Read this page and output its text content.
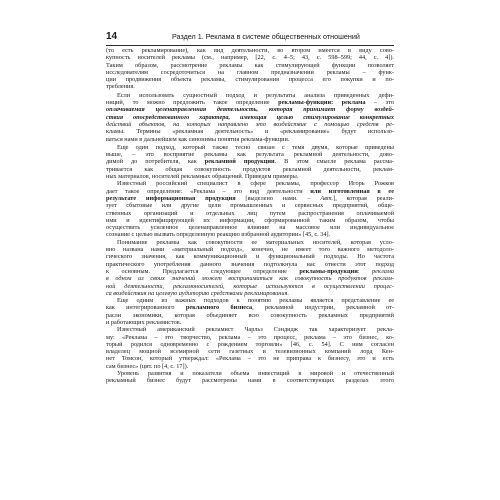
14	Раздел 1. Реклама в системе общественных отношений
(то есть рекламирование), как вид деятельности, во втором имеется в виду сово-
купность носителей рекламы (см., например, [22, с. 4–5; 43, с. 598–599; 44, с. 4]).
Таким образом, рассмотрение рекламы как стимулирующей функции позволяет
исследователям сосредоточиться на главном предназначении рекламы – функ-
ции продвижения объекта рекламы, стимулирования процесса его покупки и по-
требления.
Если использовать сущностный подход и результаты анализа приведенных дефи-
ниций, то можно предложить такое определение рекламы-функции: реклама – это
оплачиваемая целенаправленная деятельность, которая принимает форму воздей-
ствия опосредствованного характера, имеющая целью стимулирование конкретных
действий объектов, на которых направлено это воздействие с помощью средств ре-
кламы. Термины «рекламная деятельность» и «рекламирование» будут использо-
ваться нами в дальнейшем как синонимы понятия реклама-функции.
Еще один подход, который также тесно связан с темя двумя, которые приведены
выше, – это восприятие рекламы как результата рекламной деятельности, дово-
димой до потребителя, как рекламной продукции. В этом смысле реклама рассма-
тривается как общая совокупность продуктов рекламной деятельности, реклам-
ных материалов, носителей рекламных обращений. Приведем примеры.
Известный российский специалист в сфере рекламы, профессор Игорь Рожков
дает такое определение: «Реклама – это вид деятельности или изготовленная в ее
результате информационная продукция [выделено нами. – Авт.], которая реали-
зует сбытовые или другие цели промышленных и сервисных предприятий, обще-
ственных организаций и отдельных лиц путем распространения оплачиваемой
ими и идентифицирующей их информации, сформированной таким образом, чтобы
осуществить усиленное целенаправленное влияние на массовое или индивидуальное
сознание с целью вызвать определенную реакцию избранной аудитории» [45, с. 34].
Понимание рекламы как совокупности ее материальных носителей, которая усло-
вно названа нами «материальный подход», конечно, не имеет того важного методоло-
гического значения, как коммуникационный и функциональный подходы. Но частота
практического употребления данного значения подтолкнула нас отнести этот подход
к основным. Предлагается следующее определение рекламы-продукции: реклама
в одном из своих значений может восприниматься как совокупность продуктов реклам-
ной деятельности, рекламоносителей, которые используются в осуществлении процес-
са воздействия на целевую аудиторию средствами рекламирования.
Еще одним из важных подходов к понятию рекламы является представление ее
как интегрированного рекламного бизнеса, рекламной индустрии, рекламной от-
расли экономики, которая объединяет всю совокупность рекламных предприятий
и работающих рекламистов.
Известный американский рекламист Чарльз Сэндидж так характеризует рекла-
му: «Реклама – это творчество, реклама – это процесс, реклама – это бизнес, ко-
торый родился одновременно с рождением торговли» [46, с. 54]. С ним согласен
владелец мощной всемирной сети газетных и телевизионных компаний лорд Кен-
нет Томсон, который утверждал: «Реклама – это не приправа к бизнесу, это и есть
сам бизнес» (цит. по [4, с. 17]).
Уровень развития и показатели объема инвестиций в мировой и отечественный
рекламный бизнес будут рассмотрены нами в соответствующих разделах этого
